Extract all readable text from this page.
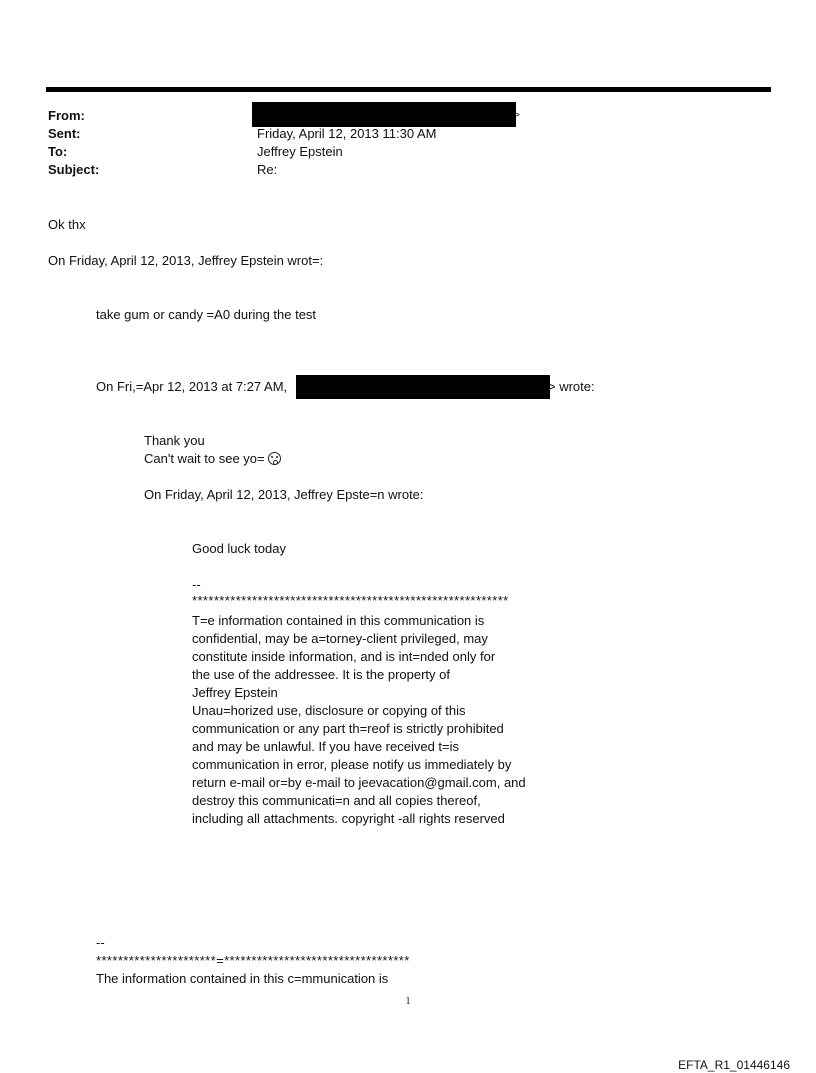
From:	>
Sent:	Friday, April 12, 2013 11:30 AM
To:	Jeffrey Epstein
Subject:	Re:
Ok thx
On Friday, April 12, 2013, Jeffrey Epstein wrot=:
take gum or candy =A0 during the test
On Fri,=Apr 12, 2013 at 7:27 AM,	> wrote:
Thank you
Can't wait to see yo=
On Friday, April 12, 2013, Jeffrey Epste=n wrote:
Good luck today
--
**********************************************************
T=e information contained in this communication is
confidential, may be a=torney-client privileged, may
constitute inside information, and is int=nded only for
the use of the addressee. It is the property of
Jeffrey Epstein
Unau=horized use, disclosure or copying of this
communication or any part th=reof is strictly prohibited
and may be unlawful. If you have received t=is
communication in error, please notify us immediately by
return e-mail or=by e-mail to jeevacation@gmail.com, and
destroy this communicati=n and all copies thereof,
including all attachments. copyright -all rights reserved
--
**********************=**********************************
The information contained in this c=mmunication is
1
EFTA_R1_01446146
